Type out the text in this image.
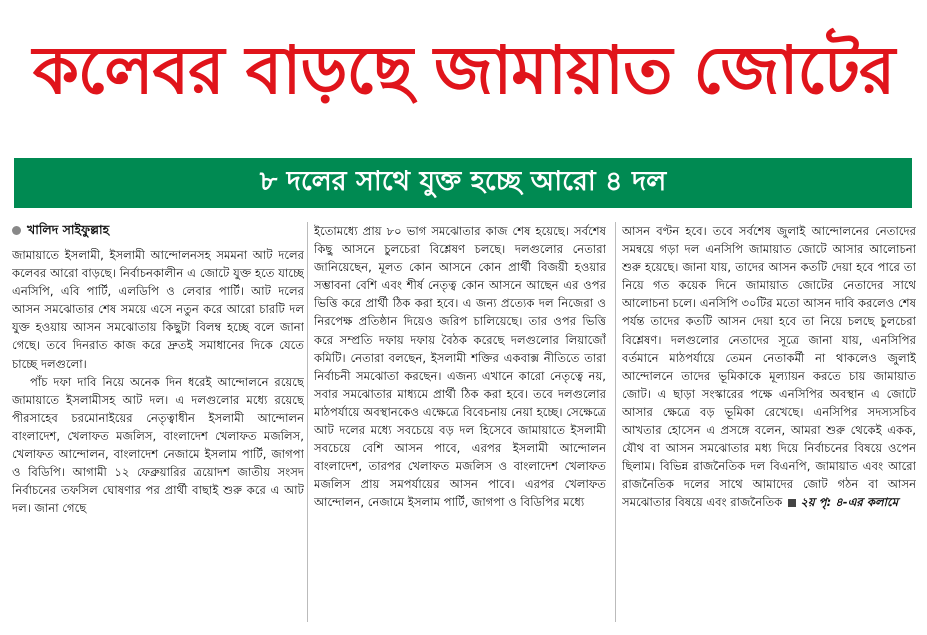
কলেবর বাড়ছে জামায়াত জোটের
৮ দলের সাথে যুক্ত হচ্ছে আরো ৪ দল
খালিদ সাইফুল্লাহ

জামায়াতে ইসলামী, ইসলামী আন্দোলনসহ সমমনা আট দলের কলেবর আরো বাড়ছে। নির্বাচনকালীন এ জোটে যুক্ত হতে যাচ্ছে এনসিপি, এবি পার্টি, এলডিপি ও লেবার পার্টি। আট দলের আসন সমঝোতার শেষ সময়ে এসে নতুন করে আরো চারটি দল যুক্ত হওয়ায় আসন সমঝোতায় কিছুটা বিলম্ব হচ্ছে বলে জানা গেছে। তবে দিনরাত কাজ করে দ্রুতই সমাধানের দিকে যেতে চাচ্ছে দলগুলো।

পাঁচ দফা দাবি নিয়ে অনেক দিন ধরেই আন্দোলনে রয়েছে জামায়াতে ইসলামীসহ আট দল। এ দলগুলোর মধ্যে রয়েছে পীরসাহেব চরমোনাইয়ের নেতৃত্বাধীন ইসলামী আন্দোলন বাংলাদেশ, খেলাফত মজলিস, বাংলাদেশ খেলাফত মজলিস, খেলাফত আন্দোলন, বাংলাদেশ নেজামে ইসলাম পার্টি, জাগপা ও বিডিপি। আগামী ১২ ফেব্রুয়ারির ত্রয়োদশ জাতীয় সংসদ নির্বাচনের তফসিল ঘোষণার পর প্রার্থী বাছাই শুরু করে এ আট দল। জানা গেছে

ইতোমধ্যে প্রায় ৮০ ভাগ সমঝোতার কাজ শেষ হয়েছে। সর্বশেষ কিছু আসনে চুলচেরা বিশ্লেষণ চলছে। দলগুলোর নেতারা জানিয়েছেন, মূলত কোন আসনে কোন প্রার্থী বিজয়ী হওয়ার সম্ভাবনা বেশি এবং শীর্ষ নেতৃত্ব কোন আসনে আছেন এর ওপর ভিত্তি করে প্রার্থী ঠিক করা হবে। এ জন্য প্রত্যেক দল নিজেরা ও নিরপেক্ষ প্রতিষ্ঠান দিয়েও জরিপ চালিয়েছে। তার ওপর ভিত্তি করে সম্প্রতি দফায় দফায় বৈঠক করেছে দলগুলোর লিয়াজোঁ কমিটি। নেতারা বলছেন, ইসলামী শক্তির একবাক্স নীতিতে তারা নির্বাচনী সমঝোতা করছেন। এজন্য এখানে কারো নেতৃত্বে নয়, সবার সমঝোতার মাধ্যমে প্রার্থী ঠিক করা হবে। তবে দলগুলোর মাঠপর্যায়ে অবস্থানকেও এক্ষেত্রে বিবেচনায় নেয়া হচ্ছে। সেক্ষেত্রে আট দলের মধ্যে সবচেয়ে বড় দল হিসেবে জামায়াতে ইসলামী সবচেয়ে বেশি আসন পাবে, এরপর ইসলামী আন্দোলন বাংলাদেশ, তারপর খেলাফত মজলিস ও বাংলাদেশ খেলাফত মজলিস প্রায় সমপর্যায়ের আসন পাবে। এরপর খেলাফত আন্দোলন, নেজামে ইসলাম পার্টি, জাগপা ও বিডিপির মধ্যে

আসন বণ্টন হবে। তবে সর্বশেষ জুলাই আন্দোলনের নেতাদের সমন্বয়ে গড়া দল এনসিপি জামায়াত জোটে আসার আলোচনা শুরু হয়েছে। জানা যায়, তাদের আসন কতটি দেয়া হবে পারে তা নিয়ে গত কয়েক দিনে জামায়াত জোটের নেতাদের সাথে আলোচনা চলে। এনসিপি ৩০টির মতো আসন দাবি করলেও শেষ পর্যন্ত তাদের কতটি আসন দেয়া হবে তা নিয়ে চলছে চুলচেরা বিশ্লেষণ। দলগুলোর নেতাদের সূত্রে জানা যায়, এনসিপির বর্তমানে মাঠপর্যায়ে তেমন নেতাকর্মী না থাকলেও জুলাই আন্দোলনে তাদের ভূমিকাকে মূল্যায়ন করতে চায় জামায়াত জোট। এ ছাড়া সংস্কারের পক্ষে এনসিপির অবস্থান এ জোটে আসার ক্ষেত্রে বড় ভূমিকা রেখেছে। এনসিপির সদস্যসচিব আখতার হোসেন এ প্রসঙ্গে বলেন, আমরা শুরু থেকেই একক, যৌথ বা আসন সমঝোতার মধ্য দিয়ে নির্বাচনের বিষয়ে ওপেন ছিলাম। বিভিন্ন রাজনৈতিক দল বিএনপি, জামায়াত এবং আরো রাজনৈতিক দলের সাথে আমাদের জোট গঠন বা আসন সমঝোতার বিষয়ে এবং রাজনৈতিক ২য় পৃ: ৪-এর কলামে
